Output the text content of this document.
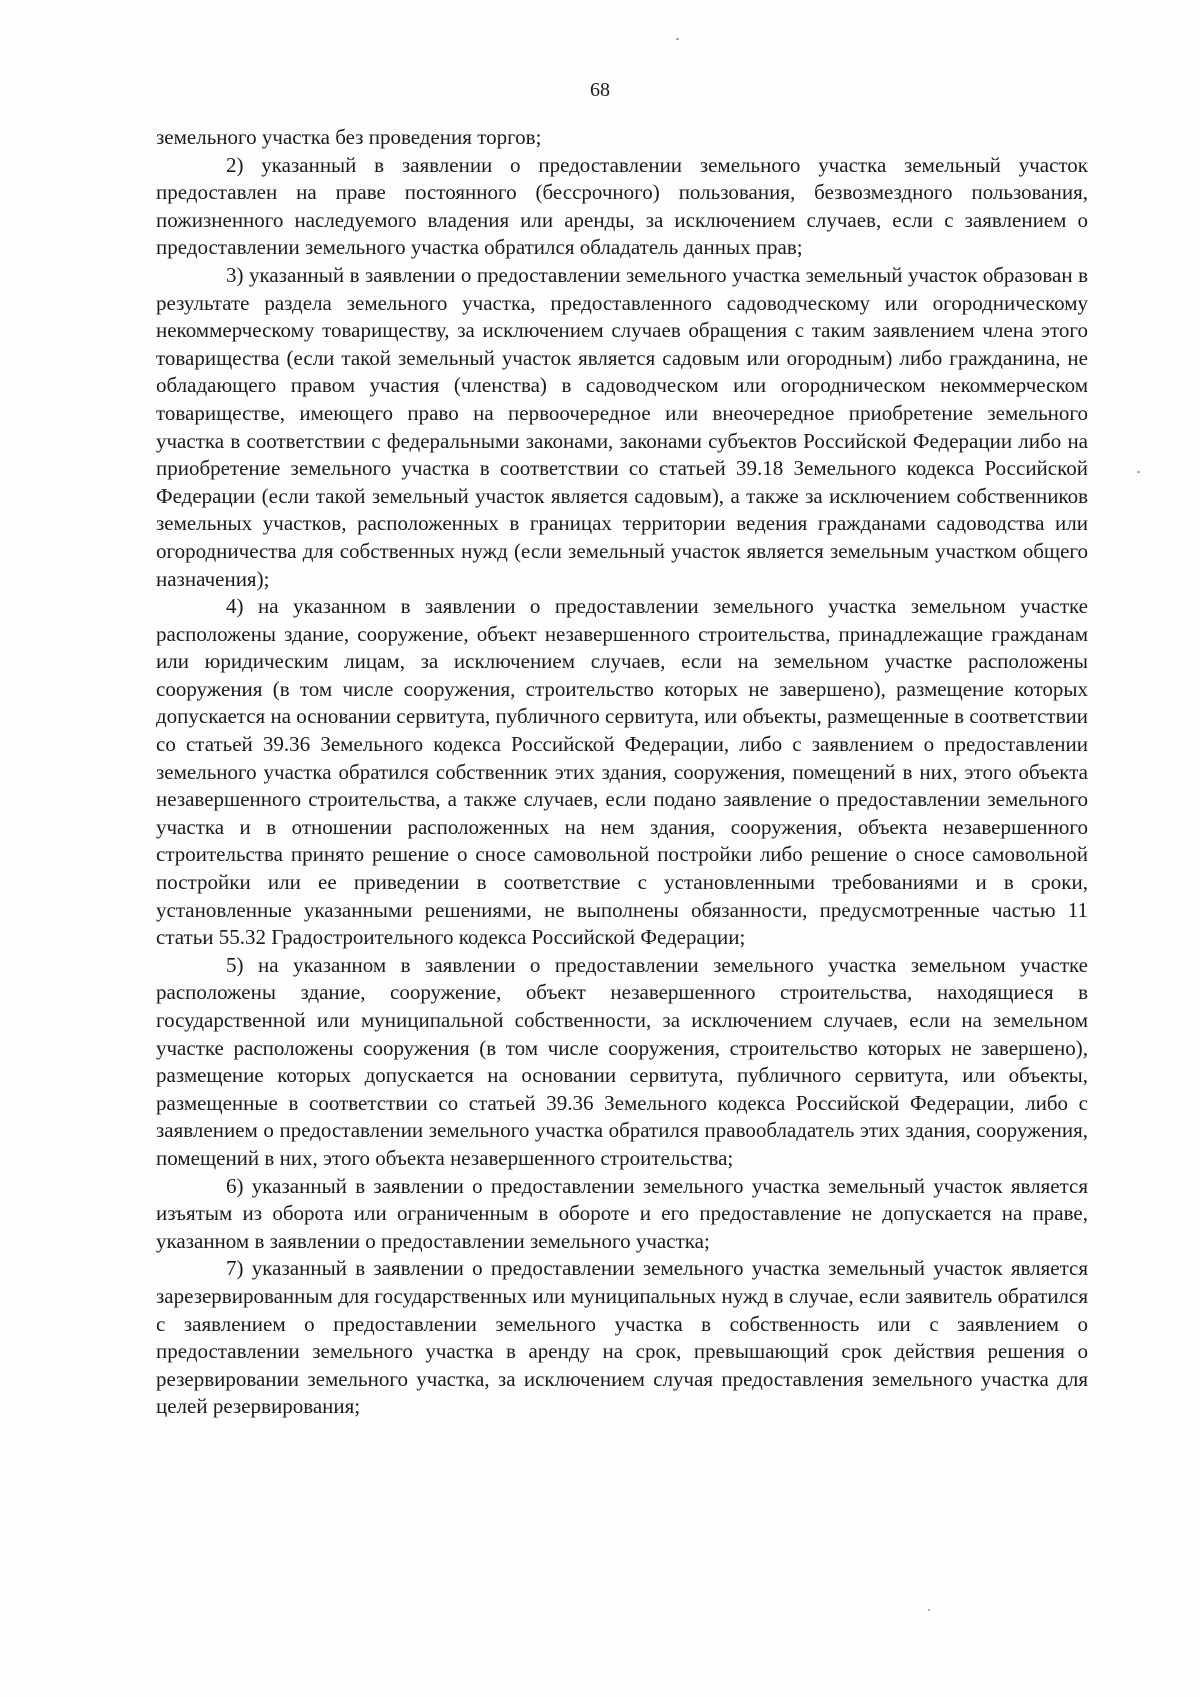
68

земельного участка без проведения торгов;

2) указанный в заявлении о предоставлении земельного участка земельный участок предоставлен на праве постоянного (бессрочного) пользования, безвозмездного пользования, пожизненного наследуемого владения или аренды, за исключением случаев, если с заявлением о предоставлении земельного участка обратился обладатель данных прав;

3) указанный в заявлении о предоставлении земельного участка земельный участок образован в результате раздела земельного участка, предоставленного садоводческому или огородническому некоммерческому товариществу, за исключением случаев обращения с таким заявлением члена этого товарищества (если такой земельный участок является садовым или огородным) либо гражданина, не обладающего правом участия (членства) в садоводческом или огородническом некоммерческом товариществе, имеющего право на первоочередное или внеочередное приобретение земельного участка в соответствии с федеральными законами, законами субъектов Российской Федерации либо на приобретение земельного участка в соответствии со статьей 39.18 Земельного кодекса Российской Федерации (если такой земельный участок является садовым), а также за исключением собственников земельных участков, расположенных в границах территории ведения гражданами садоводства или огородничества для собственных нужд (если земельный участок является земельным участком общего назначения);

4) на указанном в заявлении о предоставлении земельного участка земельном участке расположены здание, сооружение, объект незавершенного строительства, принадлежащие гражданам или юридическим лицам, за исключением случаев, если на земельном участке расположены сооружения (в том числе сооружения, строительство которых не завершено), размещение которых допускается на основании сервитута, публичного сервитута, или объекты, размещенные в соответствии со статьей 39.36 Земельного кодекса Российской Федерации, либо с заявлением о предоставлении земельного участка обратился собственник этих здания, сооружения, помещений в них, этого объекта незавершенного строительства, а также случаев, если подано заявление о предоставлении земельного участка и в отношении расположенных на нем здания, сооружения, объекта незавершенного строительства принято решение о сносе самовольной постройки либо решение о сносе самовольной постройки или ее приведении в соответствие с установленными требованиями и в сроки, установленные указанными решениями, не выполнены обязанности, предусмотренные частью 11 статьи 55.32 Градостроительного кодекса Российской Федерации;

5) на указанном в заявлении о предоставлении земельного участка земельном участке расположены здание, сооружение, объект незавершенного строительства, находящиеся в государственной или муниципальной собственности, за исключением случаев, если на земельном участке расположены сооружения (в том числе сооружения, строительство которых не завершено), размещение которых допускается на основании сервитута, публичного сервитута, или объекты, размещенные в соответствии со статьей 39.36 Земельного кодекса Российской Федерации, либо с заявлением о предоставлении земельного участка обратился правообладатель этих здания, сооружения, помещений в них, этого объекта незавершенного строительства;

6) указанный в заявлении о предоставлении земельного участка земельный участок является изъятым из оборота или ограниченным в обороте и его предоставление не допускается на праве, указанном в заявлении о предоставлении земельного участка;

7) указанный в заявлении о предоставлении земельного участка земельный участок является зарезервированным для государственных или муниципальных нужд в случае, если заявитель обратился с заявлением о предоставлении земельного участка в собственность или с заявлением о предоставлении земельного участка в аренду на срок, превышающий срок действия решения о резервировании земельного участка, за исключением случая предоставления земельного участка для целей резервирования;
